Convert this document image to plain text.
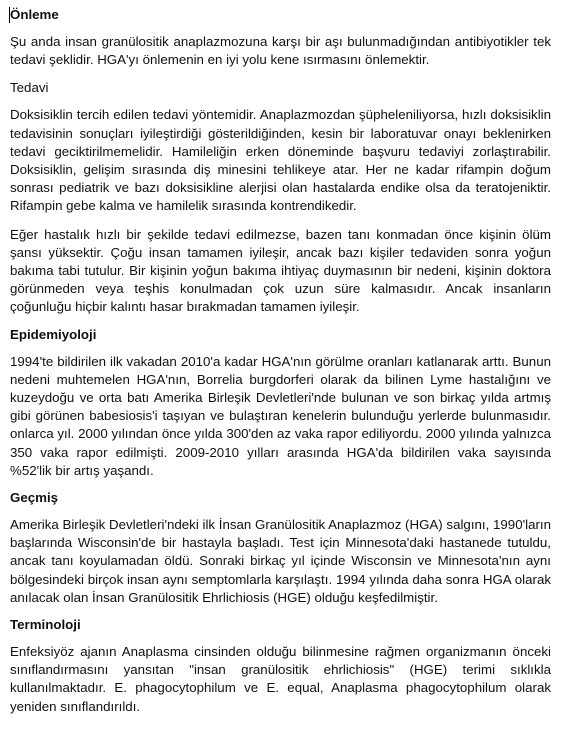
Önleme

Şu anda insan granülositik anaplazmozuna karşı bir aşı bulunmadığından antibiyotikler tek tedavi şeklidir. HGA'yı önlemenin en iyi yolu kene ısırmasını önlemektir.

Tedavi

Doksisiklin tercih edilen tedavi yöntemidir. Anaplazmozdan şüpheleniliyorsa, hızlı doksisiklin tedavisinin sonuçları iyileştirdiği gösterildiğinden, kesin bir laboratuvar onayı beklenirken tedavi geciktirilmemelidir. Hamileliğin erken döneminde başvuru tedaviyi zorlaştırabilir. Doksisiklin, gelişim sırasında diş minesini tehlikeye atar. Her ne kadar rifampin doğum sonrası pediatrik ve bazı doksisikline alerjisi olan hastalarda endike olsa da teratojeniktir. Rifampin gebe kalma ve hamilelik sırasında kontrendikedir.

Eğer hastalık hızlı bir şekilde tedavi edilmezse, bazen tanı konmadan önce kişinin ölüm şansı yüksektir. Çoğu insan tamamen iyileşir, ancak bazı kişiler tedaviden sonra yoğun bakıma tabi tutulur. Bir kişinin yoğun bakıma ihtiyaç duymasının bir nedeni, kişinin doktora görünmeden veya teşhis konulmadan çok uzun süre kalmasıdır. Ancak insanların çoğunluğu hiçbir kalıntı hasar bırakmadan tamamen iyileşir.

Epidemiyoloji

1994'te bildirilen ilk vakadan 2010'a kadar HGA'nın görülme oranları katlanarak arttı. Bunun nedeni muhtemelen HGA'nın, Borrelia burgdorferi olarak da bilinen Lyme hastalığını ve kuzeydoğu ve orta batı Amerika Birleşik Devletleri'nde bulunan ve son birkaç yılda artmış gibi görünen babesiosis'i taşıyan ve bulaştıran kenelerin bulunduğu yerlerde bulunmasıdır. onlarca yıl. 2000 yılından önce yılda 300'den az vaka rapor ediliyordu. 2000 yılında yalnızca 350 vaka rapor edilmişti. 2009-2010 yılları arasında HGA'da bildirilen vaka sayısında %52'lik bir artış yaşandı.

Geçmiş

Amerika Birleşik Devletleri'ndeki ilk İnsan Granülositik Anaplazmoz (HGA) salgını, 1990'ların başlarında Wisconsin'de bir hastayla başladı. Test için Minnesota'daki hastanede tutuldu, ancak tanı koyulamadan öldü. Sonraki birkaç yıl içinde Wisconsin ve Minnesota'nın aynı bölgesindeki birçok insan aynı semptomlarla karşılaştı. 1994 yılında daha sonra HGA olarak anılacak olan İnsan Granülositik Ehrlichiosis (HGE) olduğu keşfedilmiştir.

Terminoloji

Enfeksiyöz ajanın Anaplasma cinsinden olduğu bilinmesine rağmen organizmanın önceki sınıflandırmasını yansıtan "insan granülositik ehrlichiosis" (HGE) terimi sıklıkla kullanılmaktadır. E. phagocytophilum ve E. equal, Anaplasma phagocytophilum olarak yeniden sınıflandırıldı.
